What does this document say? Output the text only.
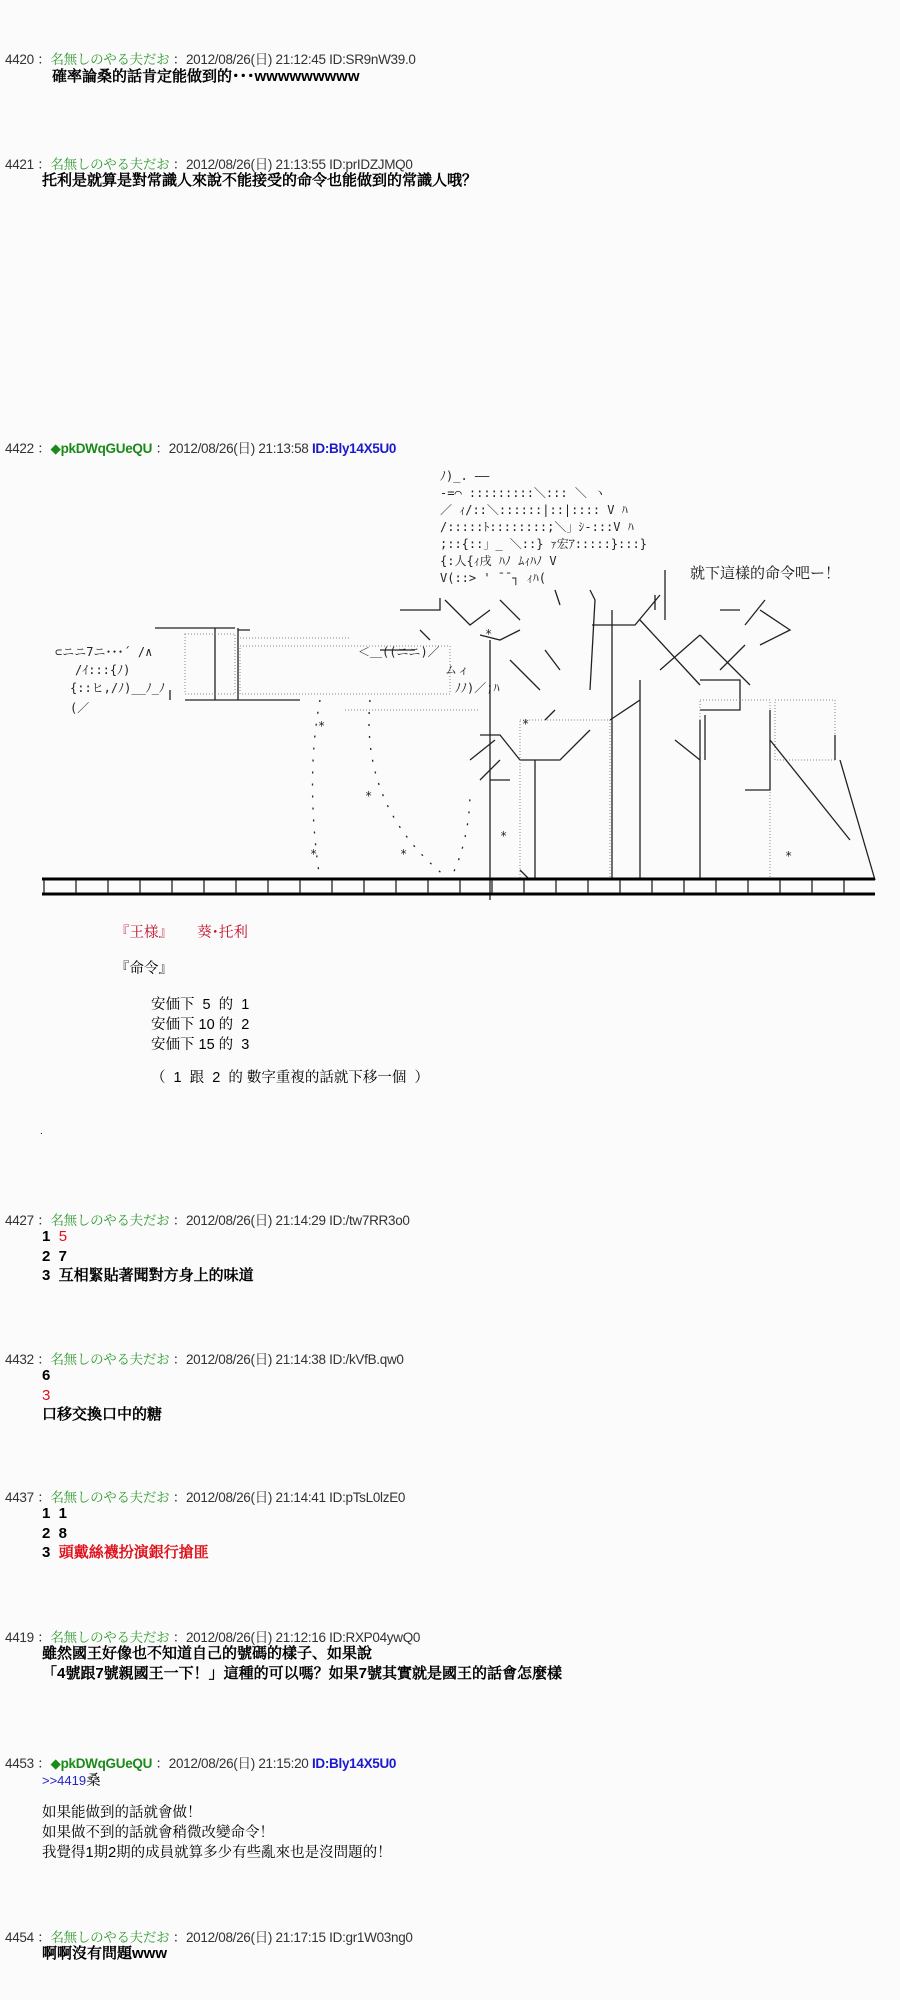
4420 ：名無しのやる夫だお ：2012/08/26(日) 21:12:45 ID:SR9nW39.0
確率論桑的話肯定能做到的･･･wwwwwwwww
4421 ：名無しのやる夫だお ：2012/08/26(日) 21:13:55 ID:prIDZJMQ0
托利是就算是對常識人來說不能接受的命令也能做到的常識人哦？
4422 ：◆pkDWqGUeQU ：2012/08/26(日) 21:13:58 ID:Bly14X5U0
ﾉ)_. ――
-=⌒ :::::::::＼::: ＼ ヽ
／ ｨ/::＼::::::|::|:::: V ﾊ
/:::::ﾄ::::::::;＼」ｼ‐:::V ﾊ
;::{::」_ ＼::} ｧ宏ｱ:::::}:::}
{:人{ｨ戌 ﾊﾉ ﾑｨﾊﾉ V
V(::> ' ¯¯┐ ｨﾊ(	就下這樣的命令吧ー！
⊂ニニ7ニ･･･´ /∧
/ｲ:::{ﾉ)
{::ヒ,/ﾉ)__ﾉ_ﾉ
(／
＜＿((ニニ)／
ムィ
ﾉﾉ)／;ﾊ
*
*
*
*
*
*
*
*
『王様』 葵･托利
『命令』
安価下  5  的  1
安価下 10 的  2
安価下 15 的  3
（  1  跟  2  的 數字重複的話就下移一個  ）
.
4427 ：名無しのやる夫だお ：2012/08/26(日) 21:14:29 ID:/tw7RR3o0
1  5
2  7
3  互相緊貼著聞對方身上的味道
4432 ：名無しのやる夫だお ：2012/08/26(日) 21:14:38 ID:/kVfB.qw0
6
3
口移交換口中的糖
4437 ：名無しのやる夫だお ：2012/08/26(日) 21:14:41 ID:pTsL0lzE0
1  1
2  8
3  頭戴絲襪扮演銀行搶匪
4419 ：名無しのやる夫だお ：2012/08/26(日) 21:12:16 ID:RXP04ywQ0
雖然國王好像也不知道自己的號碼的樣子、如果說
「4號跟7號親國王一下！」這種的可以嗎？如果7號其實就是國王的話會怎麼樣
4453 ：◆pkDWqGUeQU ：2012/08/26(日) 21:15:20 ID:Bly14X5U0
>>4419桑
如果能做到的話就會做！
如果做不到的話就會稍微改變命令！
我覺得1期2期的成員就算多少有些亂來也是沒問題的！
4454 ：名無しのやる夫だお ：2012/08/26(日) 21:17:15 ID:gr1W03ng0
啊啊沒有問題www
